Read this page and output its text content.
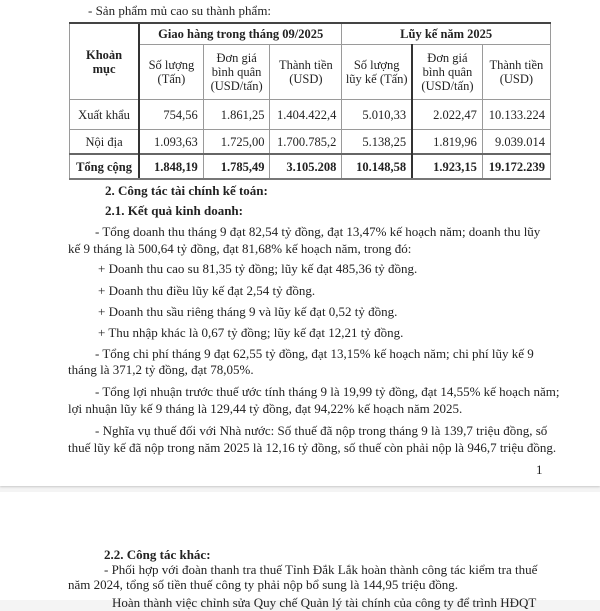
- Sản phẩm mủ cao su thành phẩm:
Khoản mục	Giao hàng trong tháng 09/2025			Lũy kế năm 2025		
	Số lượng (Tấn)	Đơn giá bình quân (USD/tấn)	Thành tiền (USD)	Số lượng lũy kế (Tấn)	Đơn giá bình quân (USD/tấn)	Thành tiền (USD)
Xuất khẩu	754,56	1.861,25	1.404.422,4	5.010,33	2.022,47	10.133.224
Nội địa	1.093,63	1.725,00	1.700.785,2	5.138,25	1.819,96	9.039.014
Tổng cộng	1.848,19	1.785,49	3.105.208	10.148,58	1.923,15	19.172.239
2. Công tác tài chính kế toán:
2.1. Kết quả kinh doanh:
- Tổng doanh thu tháng 9 đạt 82,54 tỷ đồng, đạt 13,47% kế hoạch năm; doanh thu lũy
kế 9 tháng là 500,64 tỷ đồng, đạt 81,68% kế hoạch năm, trong đó:
+ Doanh thu cao su 81,35 tỷ đồng; lũy kế đạt 485,36 tỷ đồng.
+ Doanh thu điều lũy kế đạt 2,54 tỷ đồng.
+ Doanh thu sầu riêng tháng 9 và lũy kế đạt 0,52 tỷ đồng.
+ Thu nhập khác là 0,67 tỷ đồng; lũy kế đạt 12,21 tỷ đồng.
- Tổng chi phí tháng 9 đạt 62,55 tỷ đồng, đạt 13,15% kế hoạch năm; chi phí lũy kế 9
tháng là 371,2 tỷ đồng, đạt 78,05%.
- Tổng lợi nhuận trước thuế ước tính tháng 9 là 19,99 tỷ đồng, đạt 14,55% kế hoạch năm;
lợi nhuận lũy kế 9 tháng là 129,44 tỷ đồng, đạt 94,22% kế hoạch năm 2025.
- Nghĩa vụ thuế đối với Nhà nước: Số thuế đã nộp trong tháng 9 là 139,7 triệu đồng, số
thuế lũy kế đã nộp trong năm 2025 là 12,16 tỷ đồng, số thuế còn phải nộp là 946,7 triệu đồng.
1
2.2. Công tác khác:
- Phối hợp với đoàn thanh tra thuế Tỉnh Đắk Lắk hoàn thành công tác kiểm tra thuế
năm 2024, tổng số tiền thuế công ty phải nộp bổ sung là 144,95 triệu đồng.
Hoàn thành việc chỉnh sửa Quy chế Quản lý tài chính của công ty để trình HĐQT
